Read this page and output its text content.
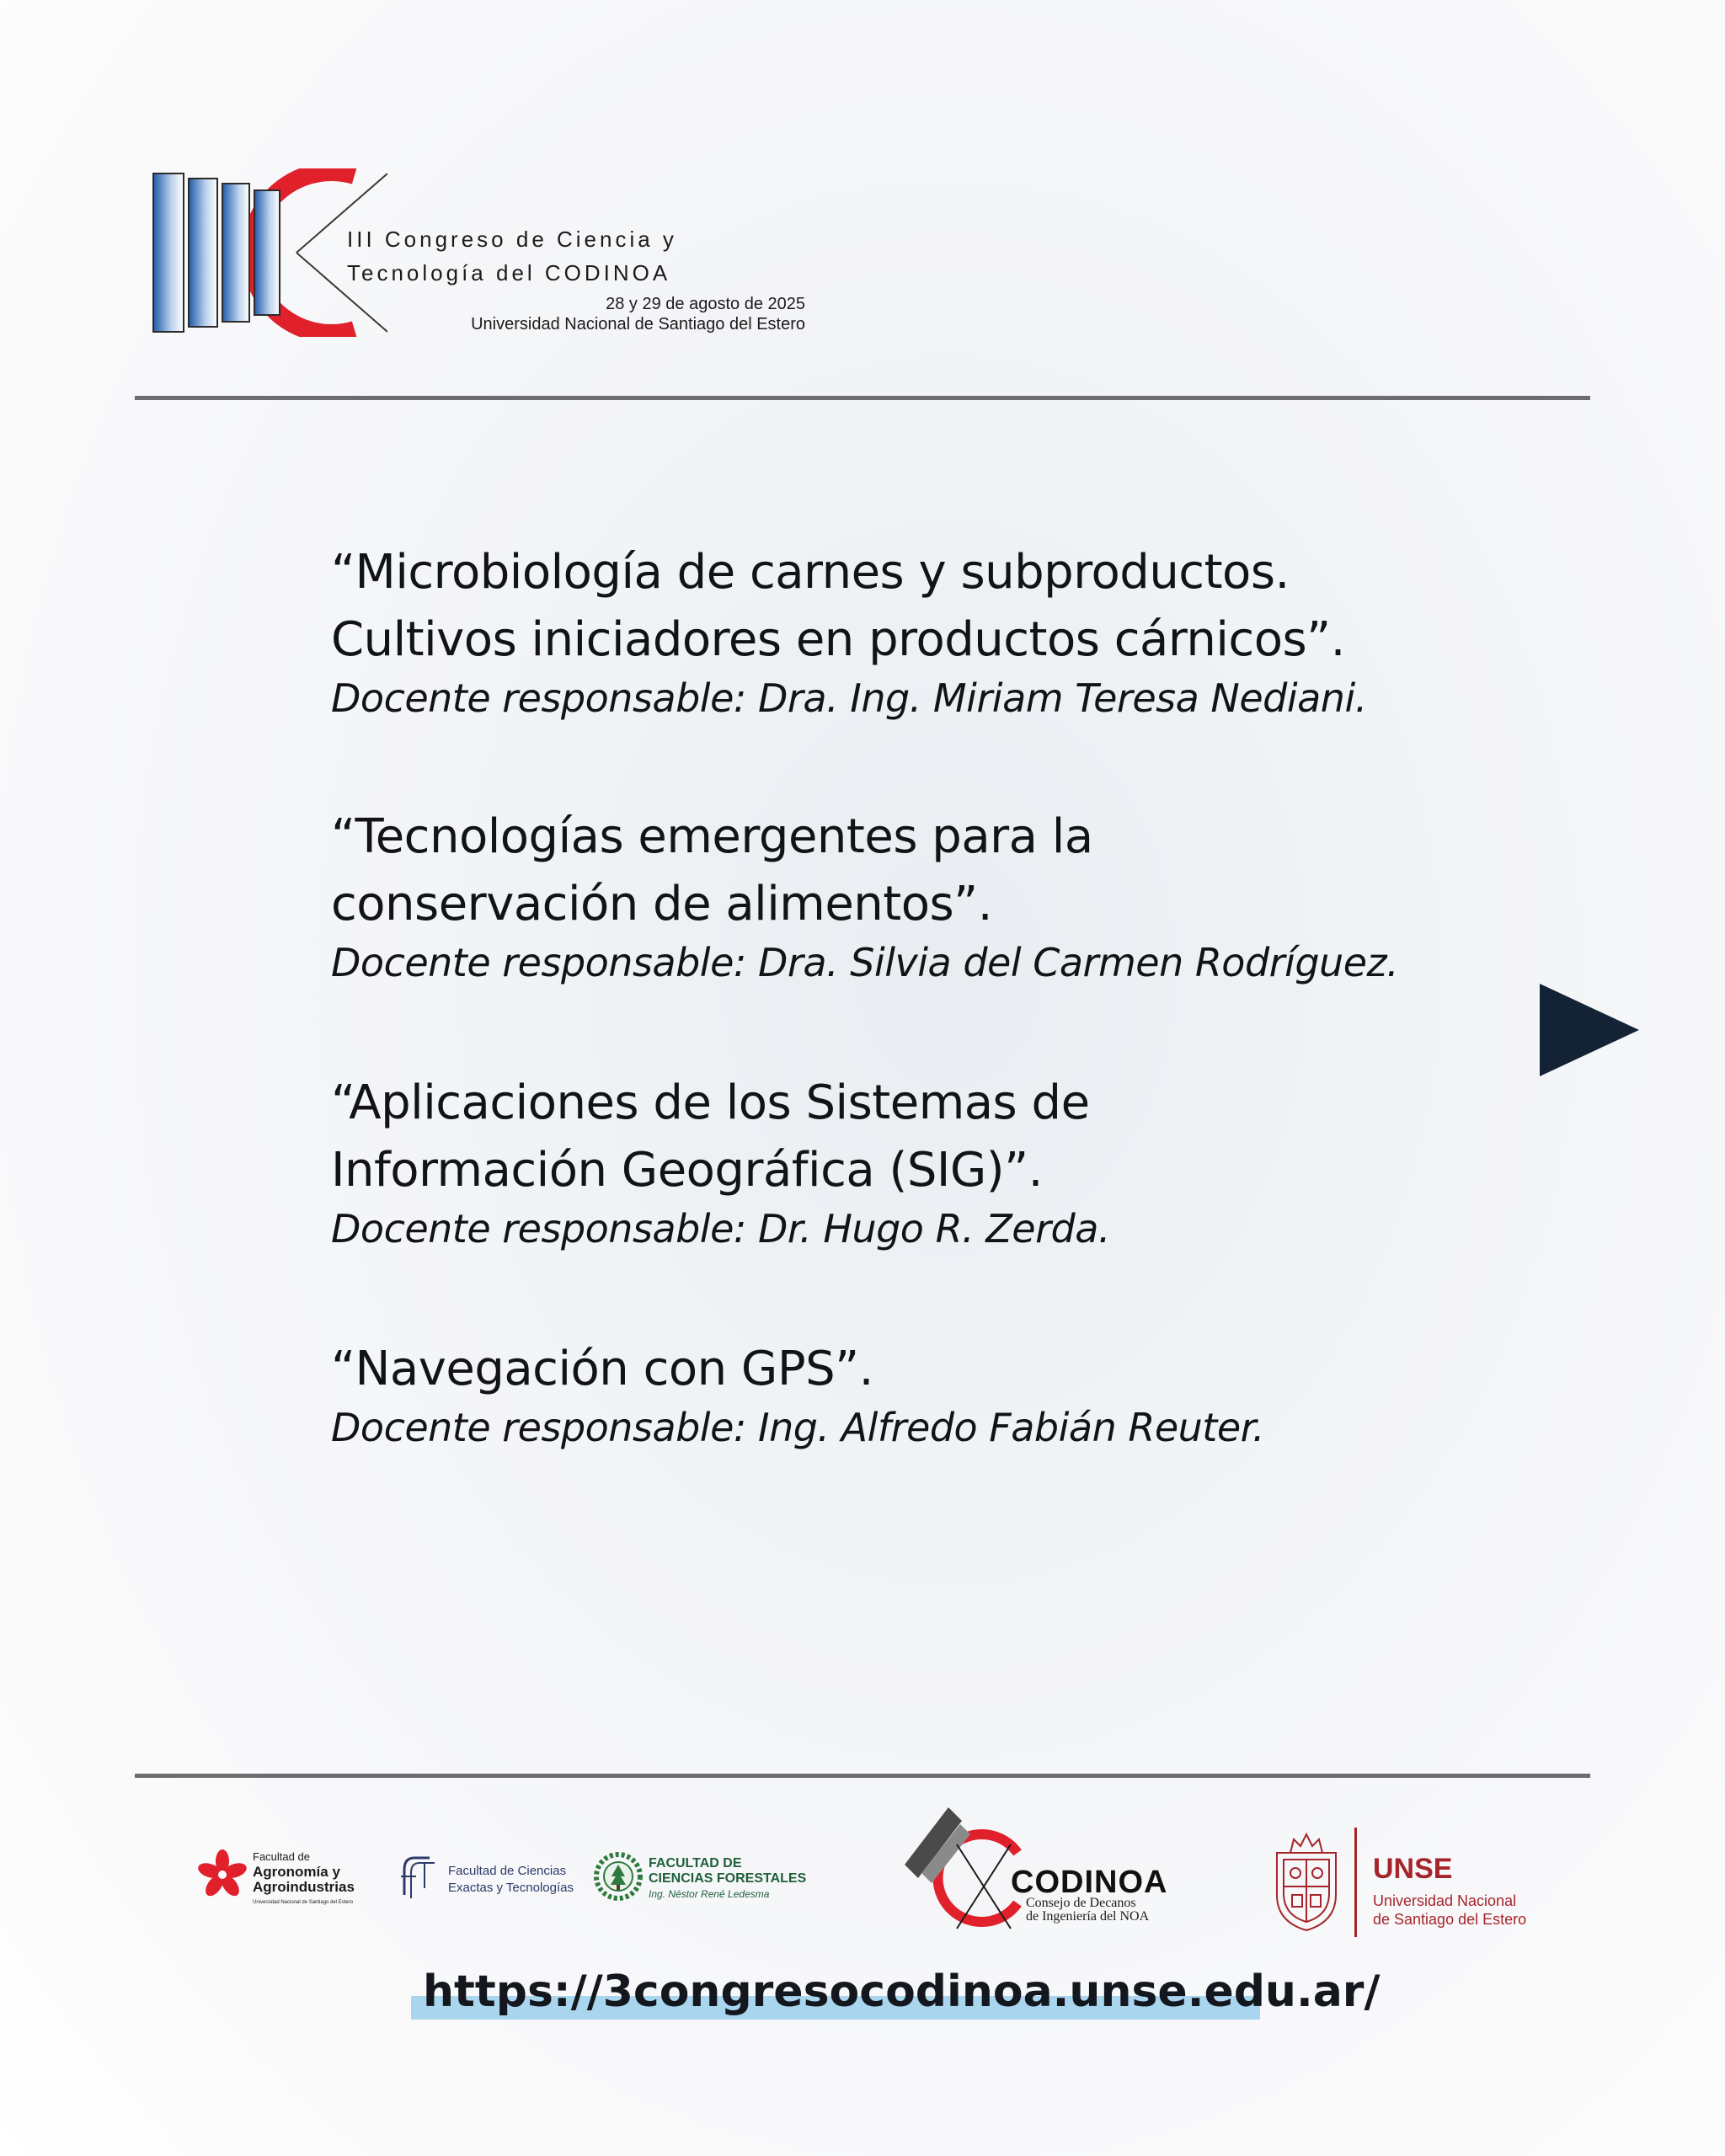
III Congreso de Ciencia y
Tecnología del CODINOA
28 y 29 de agosto de 2025
Universidad Nacional de Santiago del Estero

“Microbiología de carnes y subproductos.
Cultivos iniciadores en productos cárnicos”.

Docente responsable: Dra. Ing. Miriam Teresa Nediani.

“Tecnologías emergentes para la
conservación de alimentos”.

Docente responsable: Dra. Silvia del Carmen Rodríguez.

“Aplicaciones de los Sistemas de
Información Geográfica (SIG)”.

Docente responsable: Dr. Hugo R. Zerda.

“Navegación con GPS”.

Docente responsable: Ing. Alfredo Fabián Reuter.

Facultad de
Agronomía y
Agroindustrias
Universidad Nacional de Santiago del Estero
Facultad de Ciencias
Exactas y Tecnologías
FACULTAD DE
CIENCIAS FORESTALES
Ing. Néstor René Ledesma	CODINOA
Consejo de Decanos
de Ingeniería del NOA
UNSE
Universidad Nacional
de Santiago del Estero

https://3congresocodinoa.unse.edu.ar/
